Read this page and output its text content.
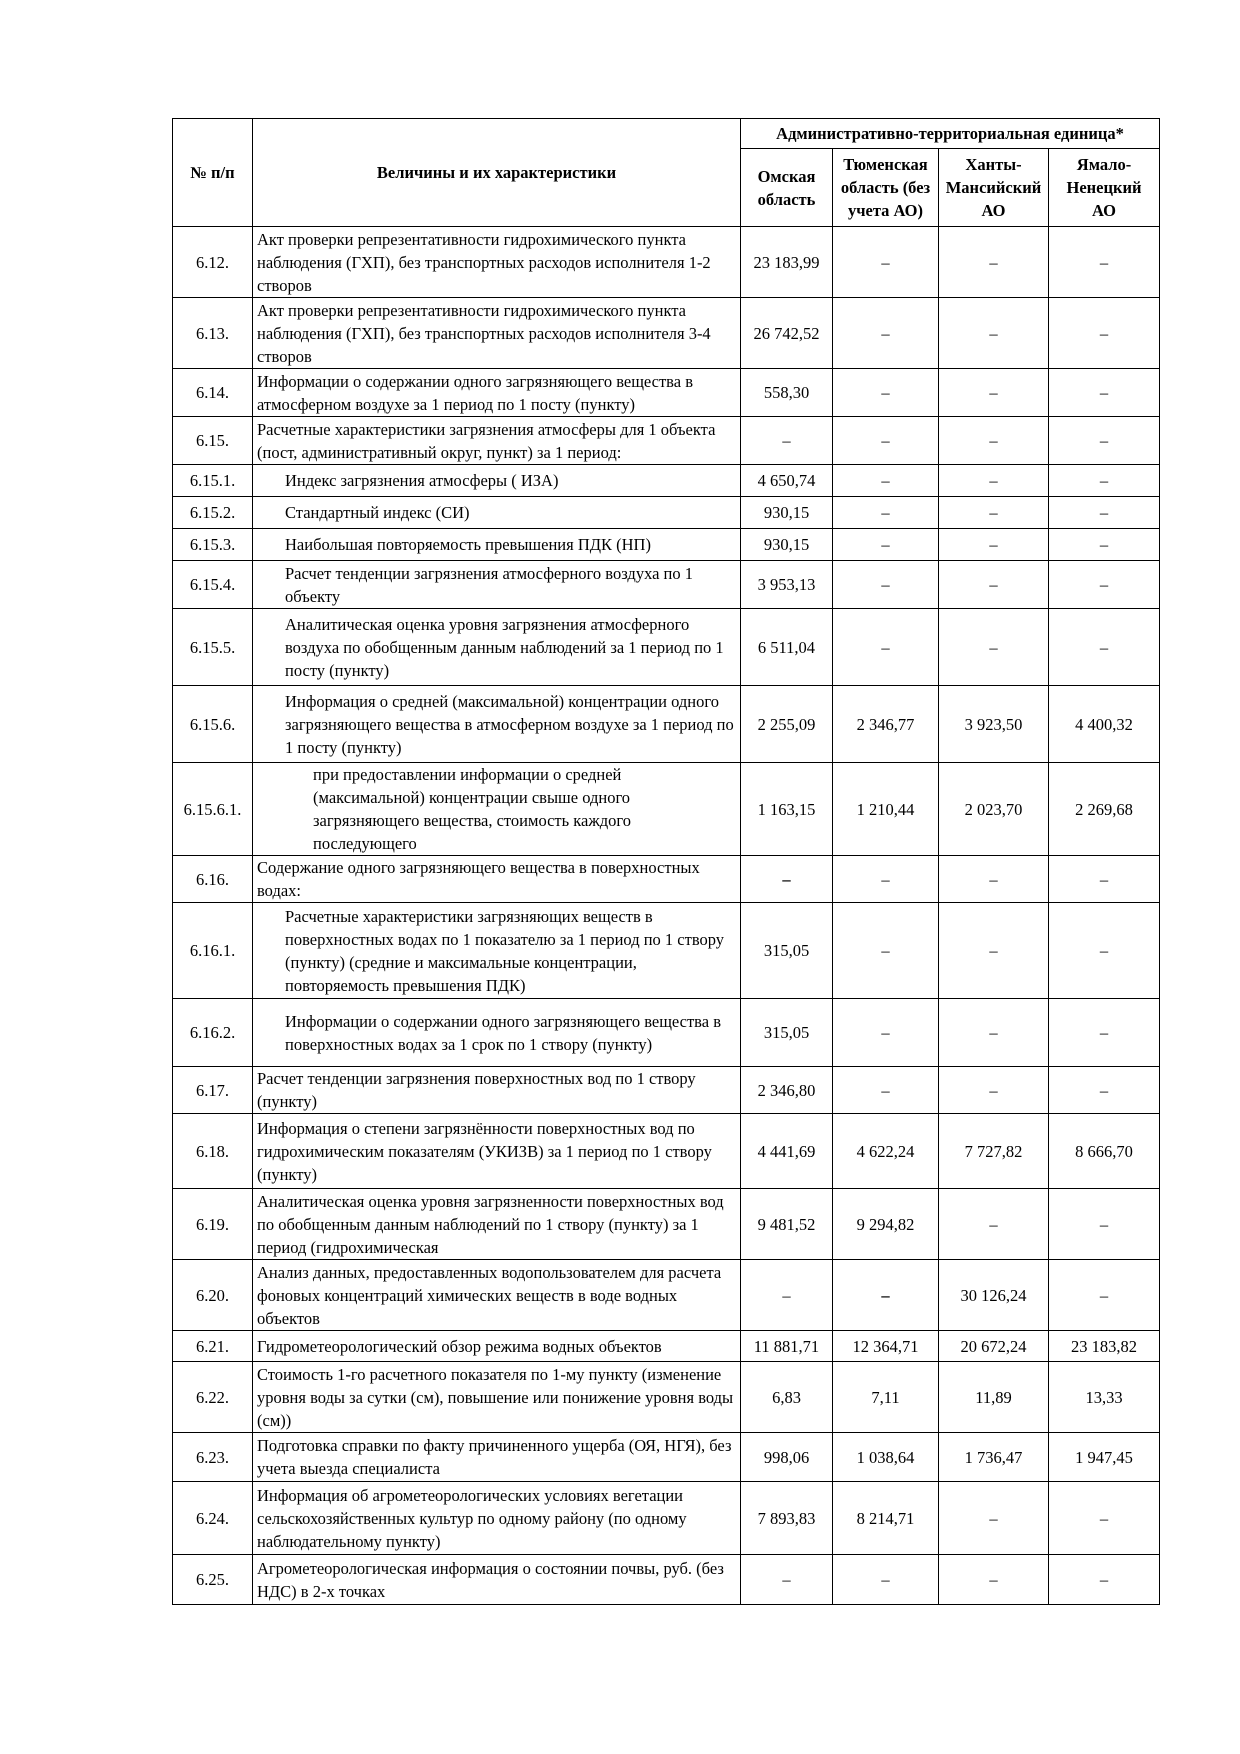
№ п/п	Величины и их характеристики	Административно-территориальная единица*			
		Омская область	Тюменская область (без учета АО)	Ханты-Мансийский АО	Ямало-Ненецкий АО
6.12.	Акт проверки репрезентативности гидрохимического пункта наблюдения (ГХП), без транспортных расходов исполнителя 1-2 створов	23 183,99	–	–	–
6.13.	Акт проверки репрезентативности гидрохимического пункта наблюдения (ГХП), без транспортных расходов исполнителя 3-4 створов	26 742,52	–	–	–
6.14.	Информации о содержании одного загрязняющего вещества в атмосферном воздухе за 1 период по 1 посту (пункту)	558,30	–	–	–
6.15.	Расчетные характеристики загрязнения атмосферы для 1 объекта (пост, административный округ, пункт) за 1 период:	–	–	–	–
6.15.1.	Индекс загрязнения атмосферы ( ИЗА)	4 650,74	–	–	–
6.15.2.	Стандартный индекс (СИ)	930,15	–	–	–
6.15.3.	Наибольшая повторяемость превышения ПДК (НП)	930,15	–	–	–
6.15.4.	Расчет тенденции загрязнения атмосферного воздуха по 1 объекту	3 953,13	–	–	–
6.15.5.	Аналитическая оценка уровня загрязнения атмосферного воздуха по обобщенным данным наблюдений за 1 период по 1 посту (пункту)	6 511,04	–	–	–
6.15.6.	Информация о средней (максимальной) концентрации одного загрязняющего вещества в атмосферном воздухе за 1 период по 1 посту (пункту)	2 255,09	2 346,77	3 923,50	4 400,32
6.15.6.1.	при предоставлении информации о средней (максимальной) концентрации свыше одного загрязняющего вещества, стоимость каждого последующего	1 163,15	1 210,44	2 023,70	2 269,68
6.16.	Содержание одного загрязняющего вещества в поверхностных водах:	–	–	–	–
6.16.1.	Расчетные характеристики загрязняющих веществ в поверхностных водах по 1 показателю за 1 период по 1 створу (пункту) (средние и максимальные концентрации, повторяемость превышения ПДК)	315,05	–	–	–
6.16.2.	Информации о содержании одного загрязняющего вещества в поверхностных водах за 1 срок по 1 створу (пункту)	315,05	–	–	–
6.17.	Расчет тенденции загрязнения поверхностных вод по 1 створу (пункту)	2 346,80	–	–	–
6.18.	Информация о степени загрязнённости поверхностных вод по гидрохимическим показателям (УКИЗВ) за 1 период по 1 створу (пункту)	4 441,69	4 622,24	7 727,82	8 666,70
6.19.	Аналитическая оценка уровня загрязненности поверхностных вод по обобщенным данным наблюдений по 1 створу (пункту) за 1 период (гидрохимическая	9 481,52	9 294,82	–	–
6.20.	Анализ данных, предоставленных водопользователем для расчета фоновых концентраций химических веществ в воде водных объектов	–	–	30 126,24	–
6.21.	Гидрометеорологический обзор режима водных объектов	11 881,71	12 364,71	20 672,24	23 183,82
6.22.	Стоимость 1-го расчетного показателя по 1-му пункту (изменение уровня воды за сутки (см), повышение или понижение уровня воды (см))	6,83	7,11	11,89	13,33
6.23.	Подготовка справки по факту причиненного ущерба (ОЯ, НГЯ), без учета выезда специалиста	998,06	1 038,64	1 736,47	1 947,45
6.24.	Информация об агрометеорологических условиях вегетации сельскохозяйственных культур по одному району (по одному наблюдательному пункту)	7 893,83	8 214,71	–	–
6.25.	Агрометеорологическая информация о состоянии почвы, руб. (без НДС) в 2-х точках	–	–	–	–
